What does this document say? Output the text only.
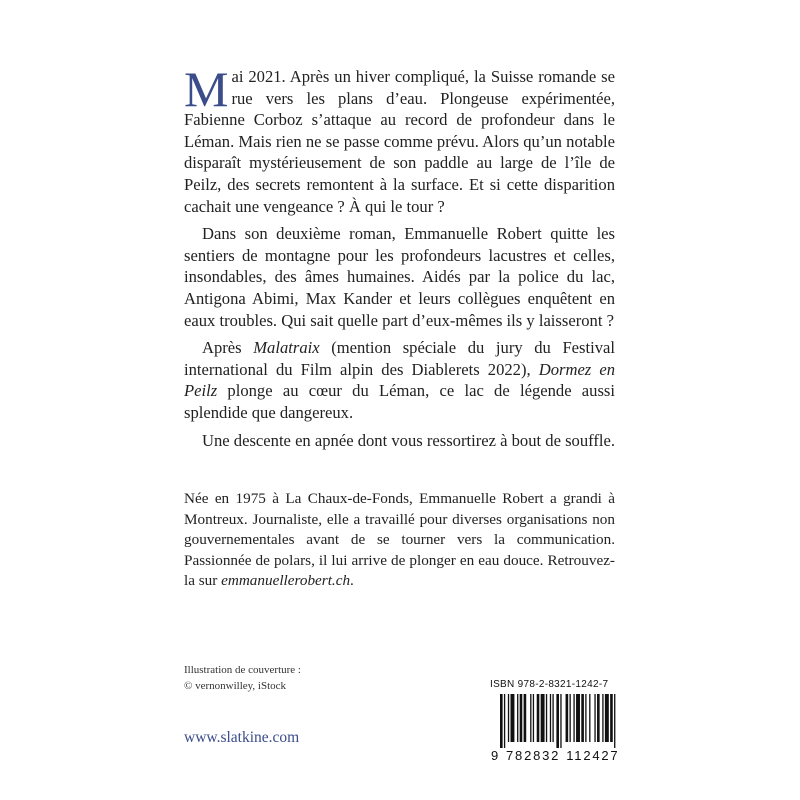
Mai 2021. Après un hiver compliqué, la Suisse romande se rue vers les plans d’eau. Plongeuse expérimentée, Fabienne Corboz s’attaque au record de profondeur dans le Léman. Mais rien ne se passe comme prévu. Alors qu’un notable disparaît mystérieusement de son paddle au large de l’île de Peilz, des secrets remontent à la surface. Et si cette disparition cachait une vengeance ? À qui le tour ?

Dans son deuxième roman, Emmanuelle Robert quitte les sentiers de montagne pour les profondeurs lacustres et celles, insondables, des âmes humaines. Aidés par la police du lac, Antigona Abimi, Max Kander et leurs collègues enquêtent en eaux troubles. Qui sait quelle part d’eux-mêmes ils y laisseront ?

Après Malatraix (mention spéciale du jury du Festival international du Film alpin des Diablerets 2022), Dormez en Peilz plonge au cœur du Léman, ce lac de légende aussi splendide que dangereux.

Une descente en apnée dont vous ressortirez à bout de souffle.

Née en 1975 à La Chaux-de-Fonds, Emmanuelle Robert a grandi à Montreux. Journaliste, elle a travaillé pour diverses organisations non gouvernementales avant de se tourner vers la communication. Passionnée de polars, il lui arrive de plonger en eau douce. Retrouvez-la sur emmanuellerobert.ch.

Illustration de couverture :
© vernonwilley, iStock
www.slatkine.com
ISBN 978-2-8321-1242-7
9 782832 112427
